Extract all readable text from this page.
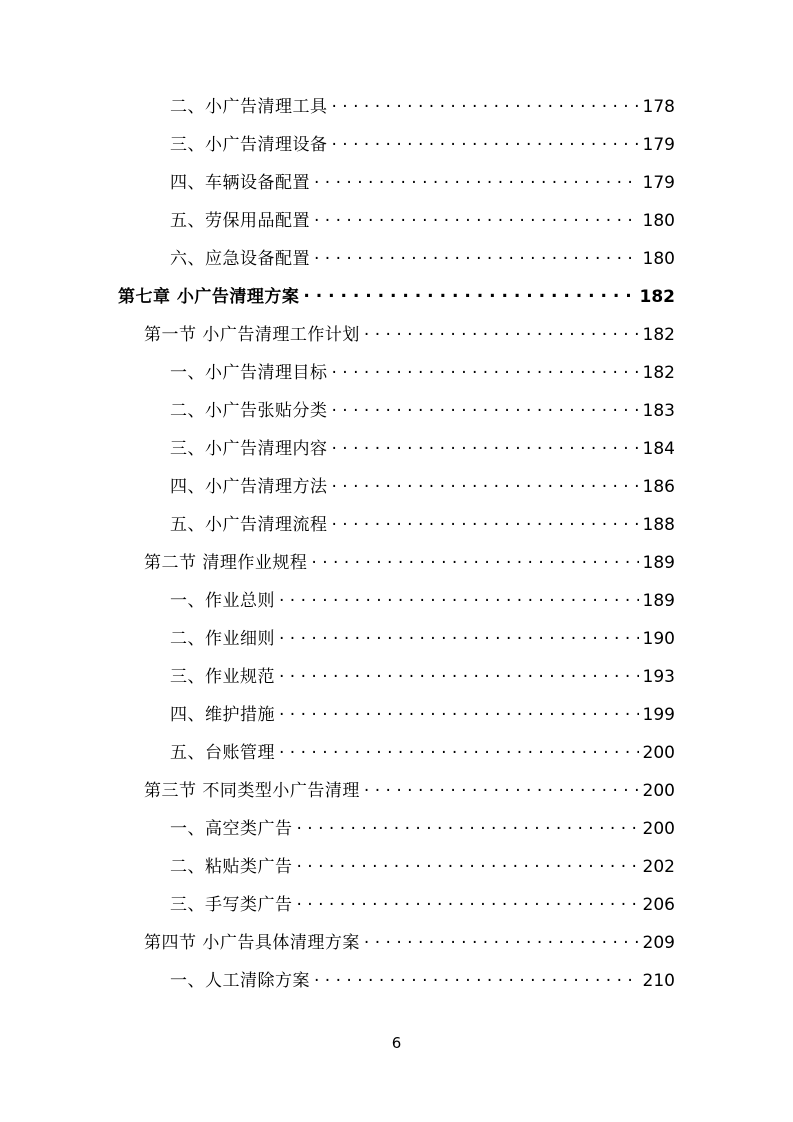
二、小广告清理工具 . . .	178
三、小广告清理设备 . . .	179
四、车辆设备配置 . . .	179
五、劳保用品配置 . . .	180
六、应急设备配置 . . .	180
第七章 小广告清理方案 . . .	182
第一节 小广告清理工作计划 . . .	182
一、小广告清理目标 . . .	182
二、小广告张贴分类 . . .	183
三、小广告清理内容 . . .	184
四、小广告清理方法 . . .	186
五、小广告清理流程 . . .	188
第二节 清理作业规程 . . .	189
一、作业总则 . . .	189
二、作业细则 . . .	190
三、作业规范 . . .	193
四、维护措施 . . .	199
五、台账管理 . . .	200
第三节 不同类型小广告清理 . . .	200
一、高空类广告 . . .	200
二、粘贴类广告 . . .	202
三、手写类广告 . . .	206
第四节 小广告具体清理方案 . . .	209
一、人工清除方案 . . .	210
6
